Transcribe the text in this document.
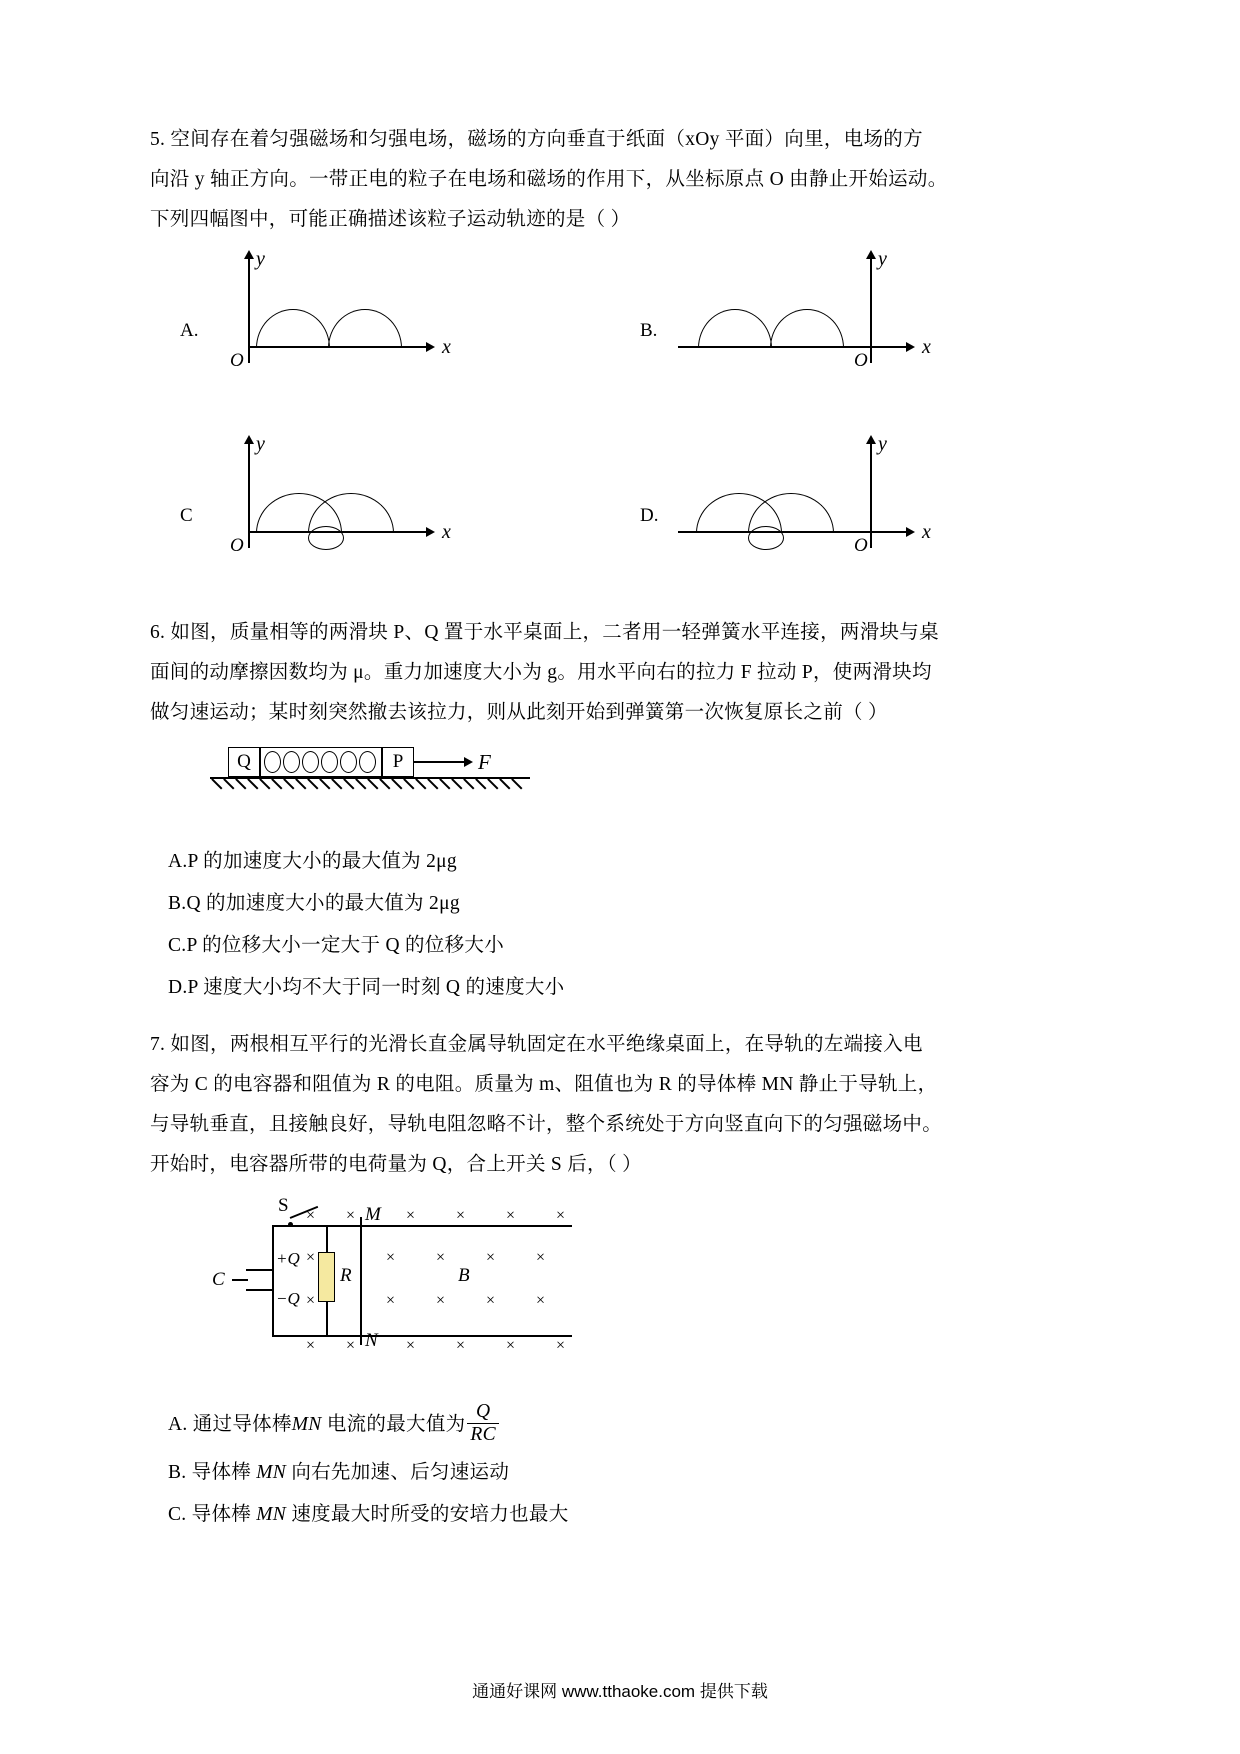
5. 空间存在着匀强磁场和匀强电场，磁场的方向垂直于纸面（xOy 平面）向里，电场的方
向沿 y 轴正方向。一带正电的粒子在电场和磁场的作用下，从坐标原点 O 由静止开始运动。
下列四幅图中，可能正确描述该粒子运动轨迹的是（ ）
A.
y
x
O
B.
y
x
O
C
y
x
O
D.
y
x
O
6. 如图，质量相等的两滑块 P、Q 置于水平桌面上，二者用一轻弹簧水平连接，两滑块与桌
面间的动摩擦因数均为 μ。重力加速度大小为 g。用水平向右的拉力 F 拉动 P，使两滑块均
做匀速运动；某时刻突然撤去该拉力，则从此刻开始到弹簧第一次恢复原长之前（ ）
Q	P	F
A.P 的加速度大小的最大值为 2μg
B.Q 的加速度大小的最大值为 2μg
C.P 的位移大小一定大于 Q 的位移大小
D.P 速度大小均不大于同一时刻 Q 的速度大小
7. 如图，两根相互平行的光滑长直金属导轨固定在水平绝缘桌面上，在导轨的左端接入电
容为 C 的电容器和阻值为 R 的电阻。质量为 m、阻值也为 R 的导体棒 MN 静止于导轨上，
与导轨垂直，且接触良好，导轨电阻忽略不计，整个系统处于方向竖直向下的匀强磁场中。
开始时，电容器所带的电荷量为 Q，合上开关 S 后，（ ）
R
M
N
C
+Q
−Q
S × ×	×	×	×	×
×	×	×	×	×
×	×	×	×	×
B
× ×	×	×	×	×
A. 通过导体棒MN 电流的最大值为 $\frac{Q}{RC}$
B. 导体棒 MN 向右先加速、后匀速运动
C. 导体棒 MN 速度最大时所受的安培力也最大
通通好课网 www.tthaoke.com 提供下载
